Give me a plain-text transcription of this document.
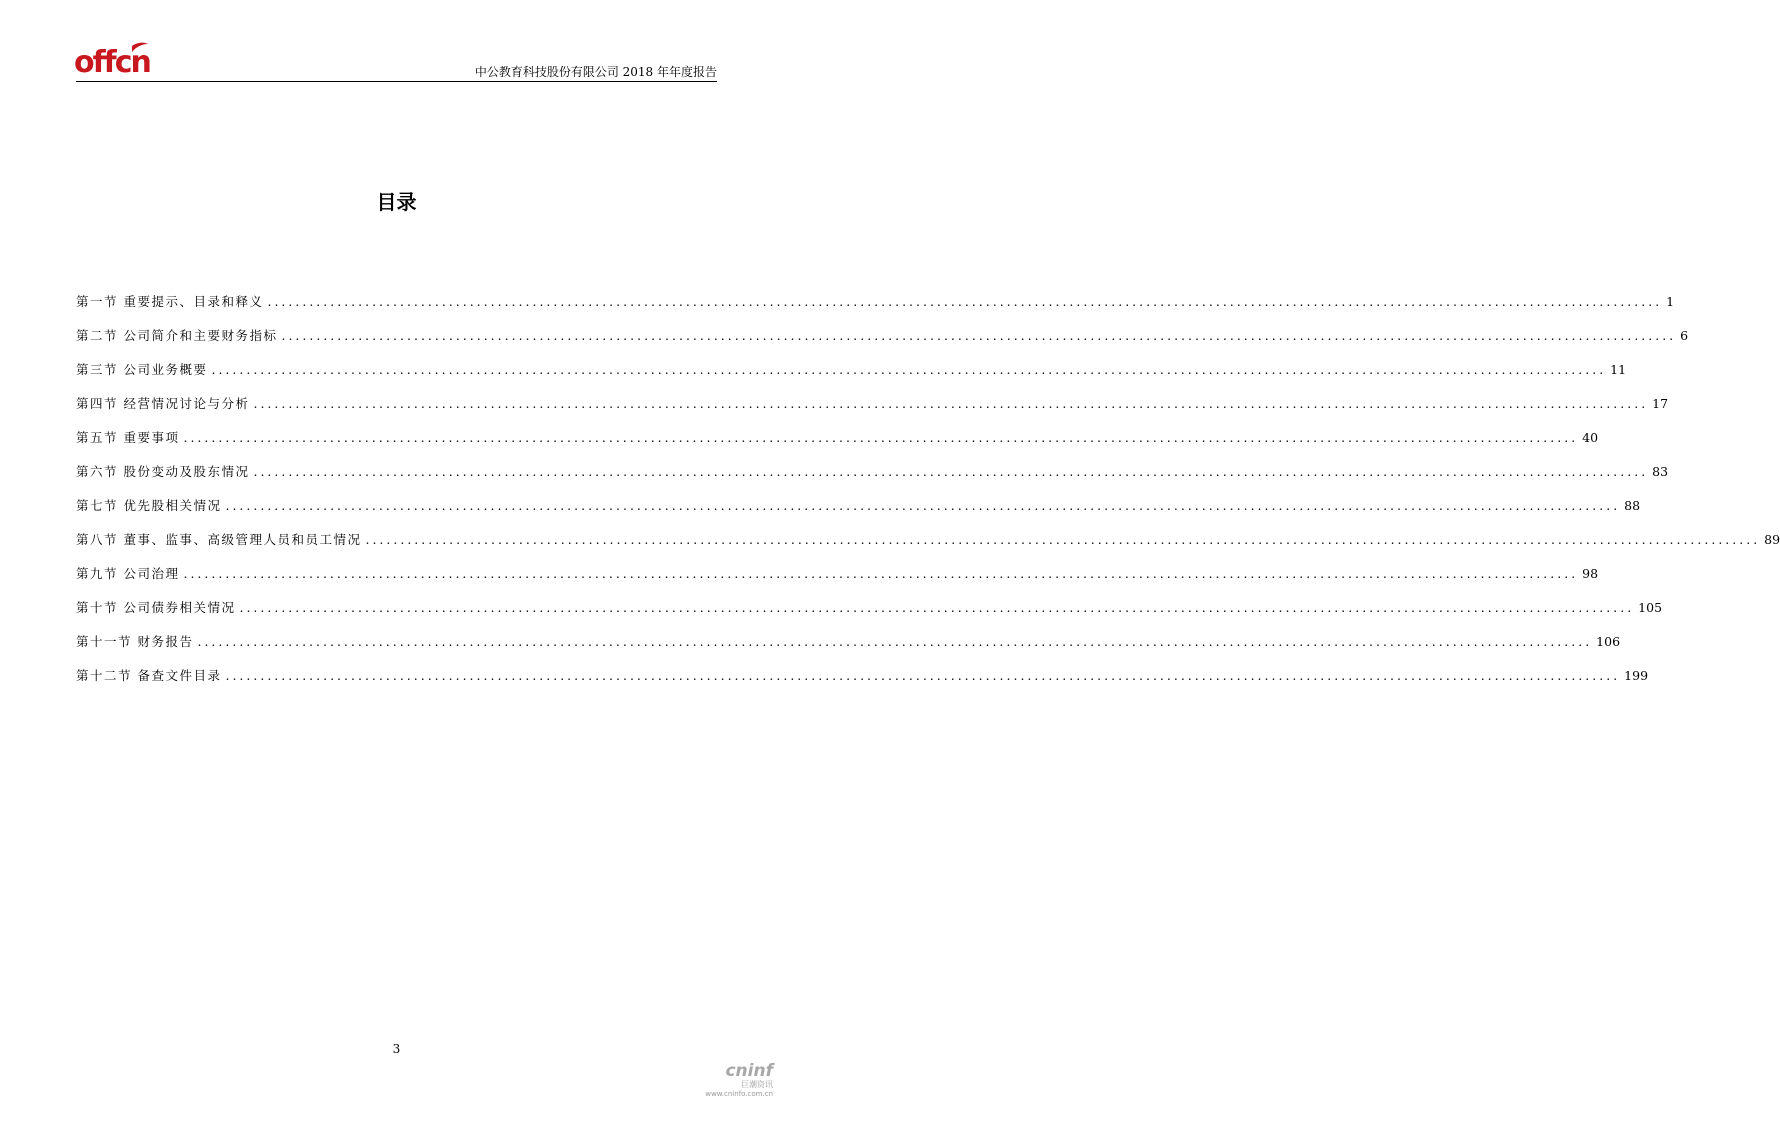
offcn	中公教育科技股份有限公司 2018 年年度报告
目录
第一节 重要提示、目录和释义 ........................................................................................................................................................................................................ 1
第二节 公司简介和主要财务指标 ........................................................................................................................................................................................................ 6
第三节 公司业务概要 ........................................................................................................................................................................................................ 11
第四节 经营情况讨论与分析 ........................................................................................................................................................................................................ 17
第五节 重要事项 ........................................................................................................................................................................................................ 40
第六节 股份变动及股东情况 ........................................................................................................................................................................................................ 83
第七节 优先股相关情况 ........................................................................................................................................................................................................ 88
第八节 董事、监事、高级管理人员和员工情况 ........................................................................................................................................................................................................ 89
第九节 公司治理 ........................................................................................................................................................................................................ 98
第十节 公司债券相关情况 ........................................................................................................................................................................................................ 105
第十一节 财务报告 ........................................................................................................................................................................................................ 106
第十二节 备查文件目录 ........................................................................................................................................................................................................ 199
3
cninf
巨潮资讯
www.cninfo.com.cn
